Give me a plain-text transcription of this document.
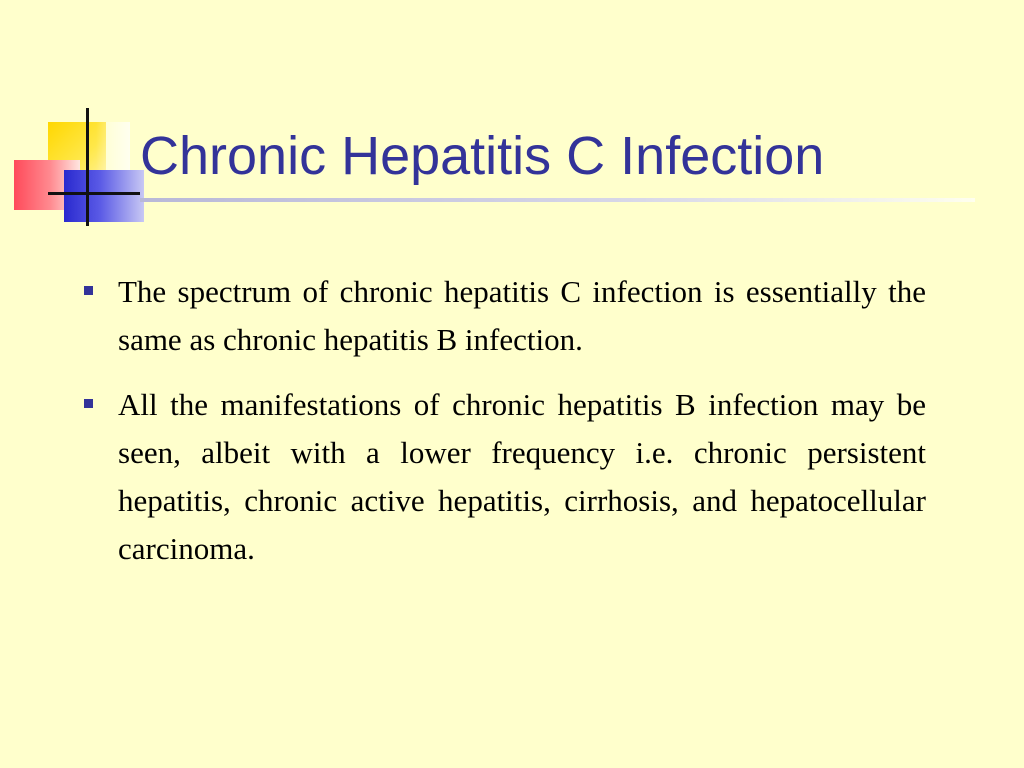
Chronic Hepatitis C Infection
The spectrum of chronic hepatitis C infection is essentially the same as chronic hepatitis B infection.
All the manifestations of chronic hepatitis B infection may be seen, albeit with a lower frequency i.e. chronic persistent hepatitis, chronic active hepatitis, cirrhosis, and hepatocellular carcinoma.
